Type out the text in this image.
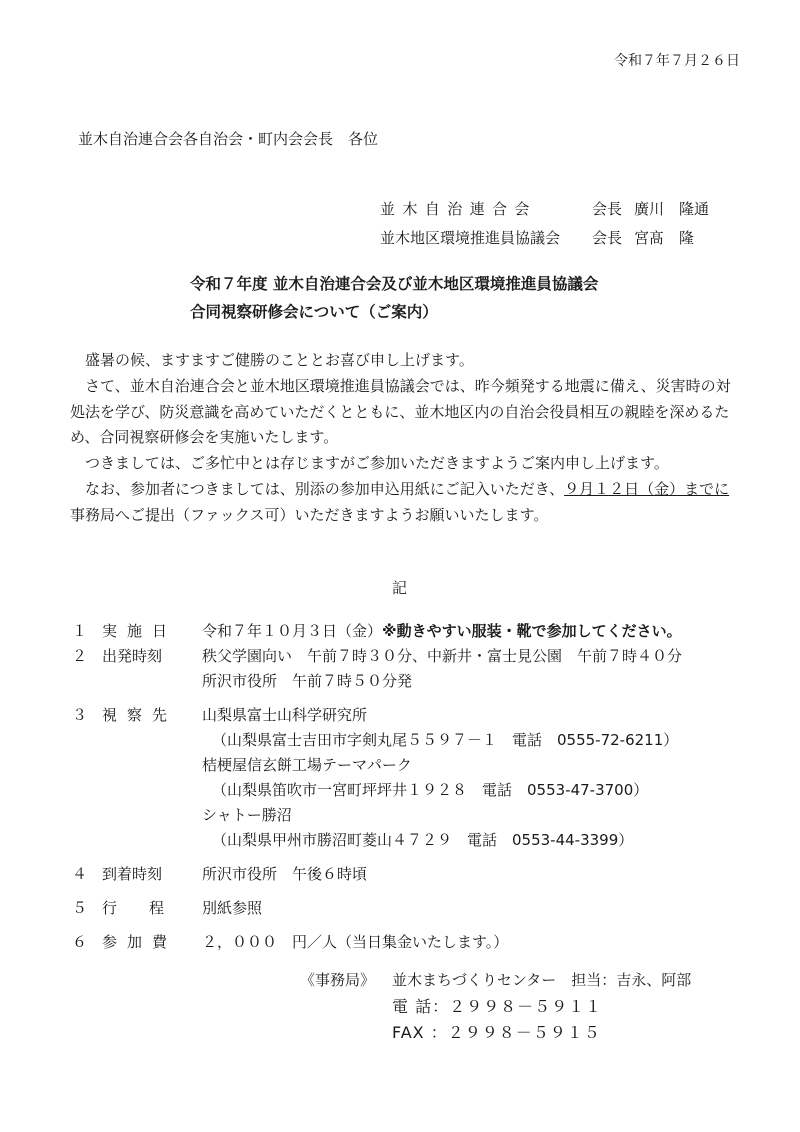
令和７年７月２６日
並木自治連合会各自治会・町内会会長　各位
並木自治連合会	会長 廣川　隆通
並木地区環境推進員協議会	会長 宮髙　隆
令和７年度 並木自治連合会及び並木地区環境推進員協議会
合同視察研修会について（ご案内）

　盛暑の候、ますますご健勝のこととお喜び申し上げます。

　さて、並木自治連合会と並木地区環境推進員協議会では、昨今頻発する地震に備え、災害時の対処法を学び、防災意識を高めていただくとともに、並木地区内の自治会役員相互の親睦を深めるため、合同視察研修会を実施いたします。

　つきましては、ご多忙中とは存じますがご参加いただきますようご案内申し上げます。

　なお、参加者につきましては、別添の参加申込用紙にご記入いただき、９月１２日（金）までに事務局へご提出（ファックス可）いただきますようお願いいたします。

記
１ 実施日	令和７年１０月３日（金） ※動きやすい服装・靴で参加してください。
２ 出発時刻	秩父学園向い　午前７時３０分、中新井・富士見公園　午前７時４０分
所沢市役所　午前７時５０分発
３ 視察先	山梨県富士山科学研究所
（山梨県富士吉田市字剣丸尾５５９７－１　電話　0555-72-6211）
桔梗屋信玄餅工場テーマパーク
（山梨県笛吹市一宮町坪坪井１９２８　電話　0553-47-3700）
シャトー勝沼
（山梨県甲州市勝沼町菱山４７２９　電話　0553-44-3399）
４ 到着時刻	所沢市役所　午後６時頃
５ 行程 別紙参照
６ 参加費	２，０００　円／人（当日集金いたします。）
《事務局》	並木まちづくりセンター　担当：吉永、阿部
電 話：２９９８－５９１１
FAX ：２９９８－５９１５
